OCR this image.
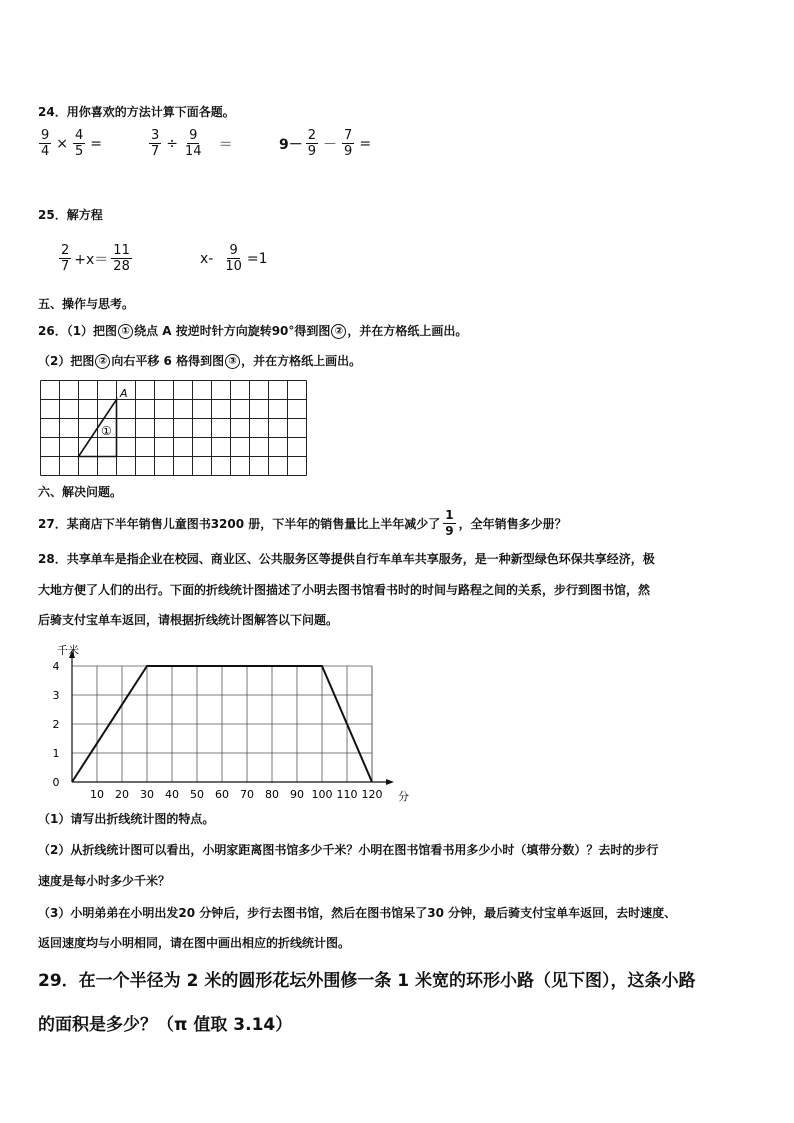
24．用你喜欢的方法计算下面各题。
$\frac{9}{4} \times \frac{4}{5}$ =	$\frac{3}{7} \div \frac{9}{14}$ ＝	$9- \frac{2}{9} - \frac{7}{9}$ =
25．解方程
$\frac{2}{7} +x= \frac{11}{28}$	$x- \frac{9}{10} =1$
五、操作与思考。
26．（1）把图 ① 绕点 A 按逆时针方向旋转90°得到图 ② ，并在方格纸上画出。
（2）把图 ② 向右平移 6 格得到图 ③ ，并在方格纸上画出。
A
①
六、解决问题。
27．某商店下半年销售儿童图书3200 册，下半年的销售量比上半年减少了 $\frac{1}{9}$ ，全年销售多少册？
28．共享单车是指企业在校园、商业区、公共服务区等提供自行车单车共享服务，是一种新型绿色环保共享经济，极
大地方便了人们的出行。下面的折线统计图描述了小明去图书馆看书时的时间与路程之间的关系，步行到图书馆，然
后骑支付宝单车返回，请根据折线统计图解答以下问题。
0
1
2
3
4
10 20 30 40 50 60 70 80 90 100 110 120
千米
分
（1）请写出折线统计图的特点。
（2）从折线统计图可以看出，小明家距离图书馆多少千米？小明在图书馆看书用多少小时（填带分数）？去时的步行
速度是每小时多少千米？
（3）小明弟弟在小明出发20 分钟后，步行去图书馆，然后在图书馆呆了30 分钟，最后骑支付宝单车返回，去时速度、
返回速度均与小明相同，请在图中画出相应的折线统计图。
29．在一个半径为 2 米的圆形花坛外围修一条 1 米宽的环形小路（见下图），这条小路
的面积是多少？（π 值取 3.14）
